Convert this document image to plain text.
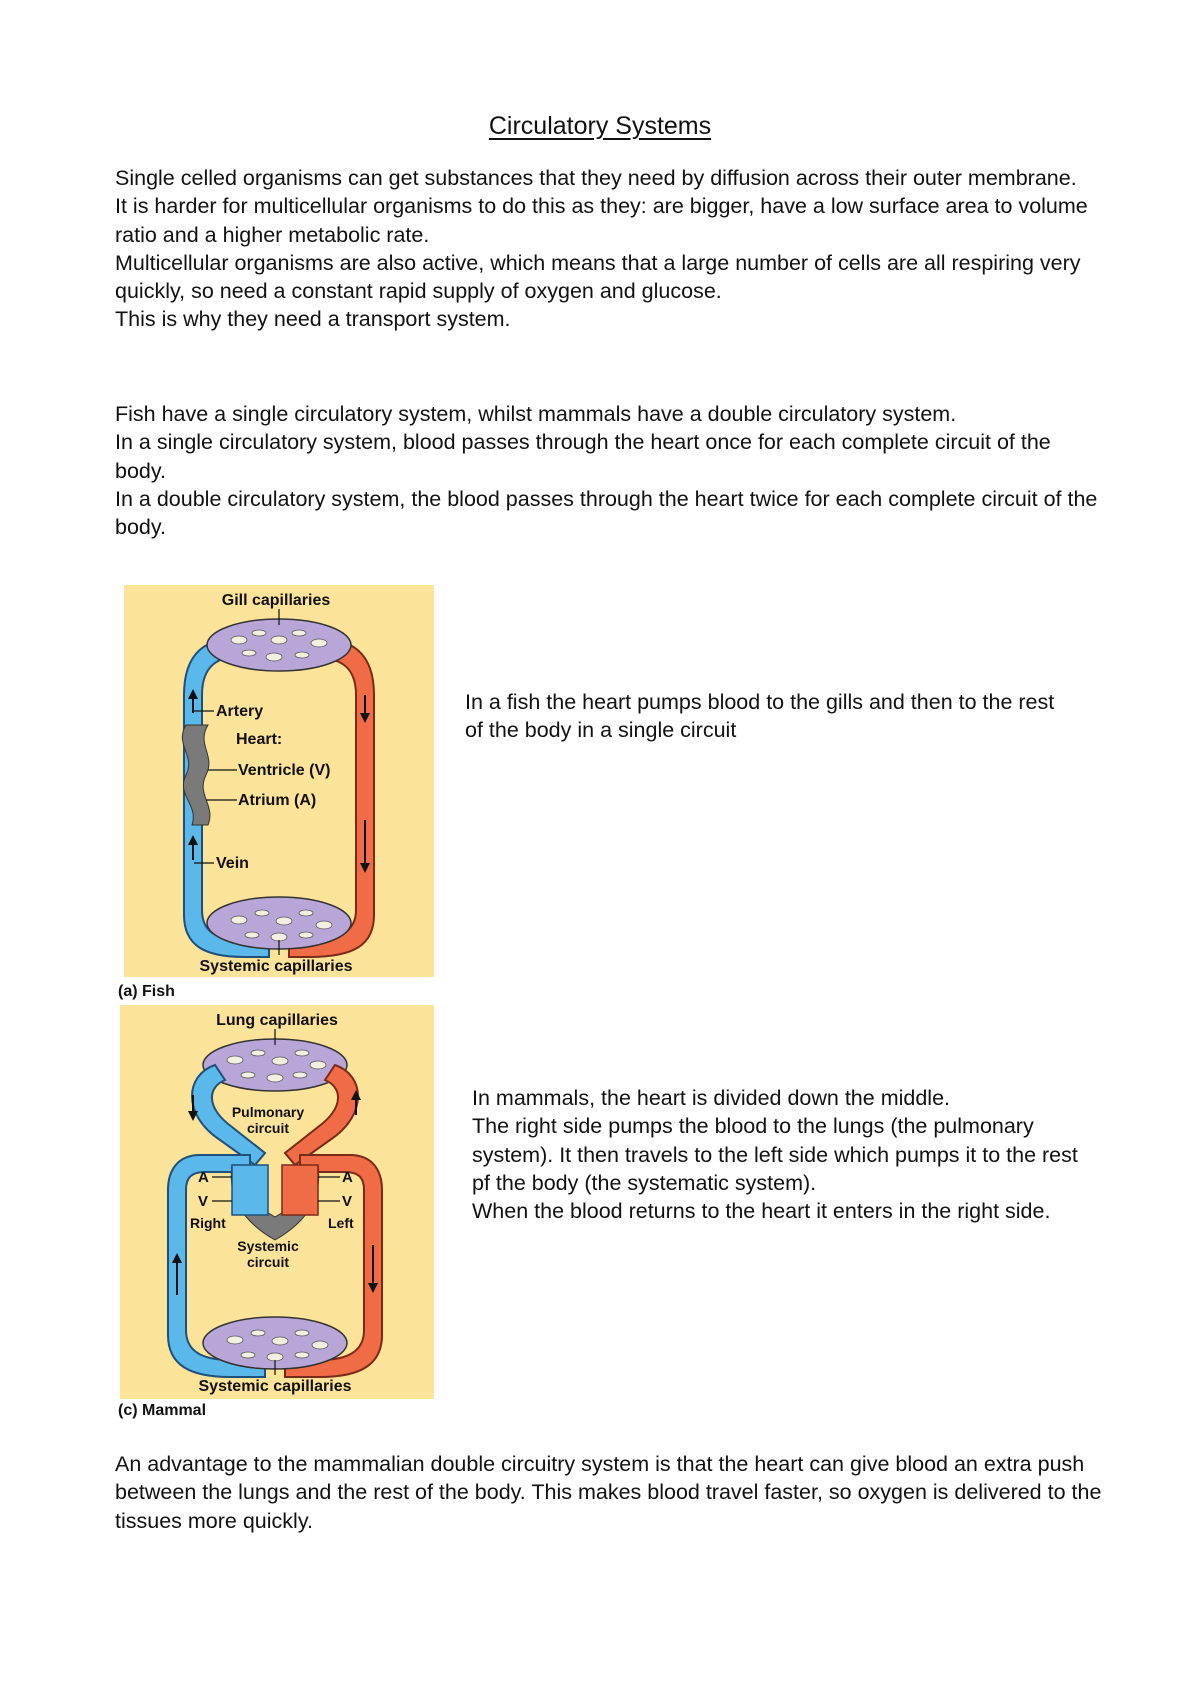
Circulatory Systems

Single celled organisms can get substances that they need by diffusion across their outer membrane.

It is harder for multicellular organisms to do this as they: are bigger, have a low surface area to volume ratio and a higher metabolic rate.

Multicellular organisms are also active, which means that a large number of cells are all respiring very quickly, so need a constant rapid supply of oxygen and glucose.

This is why they need a transport system.

Fish have a single circulatory system, whilst mammals have a double circulatory system.

In a single circulatory system, blood passes through the heart once for each complete circuit of the body.

In a double circulatory system, the blood passes through the heart twice for each complete circuit of the body.

Gill capillaries
Artery
Heart:
Ventricle (V)
Atrium (A)
Vein
Systemic capillaries
(a) Fish

In a fish the heart pumps blood to the gills and then to the rest of the body in a single circuit

Lung capillaries
Pulmonary
circuit
A
V
Right
A
V
Left
Systemic
circuit
Systemic capillaries
(c) Mammal

In mammals, the heart is divided down the middle.

The right side pumps the blood to the lungs (the pulmonary system). It then travels to the left side which pumps it to the rest pf the body (the systematic system).

When the blood returns to the heart it enters in the right side.

An advantage to the mammalian double circuitry system is that the heart can give blood an extra push between the lungs and the rest of the body. This makes blood travel faster, so oxygen is delivered to the tissues more quickly.
